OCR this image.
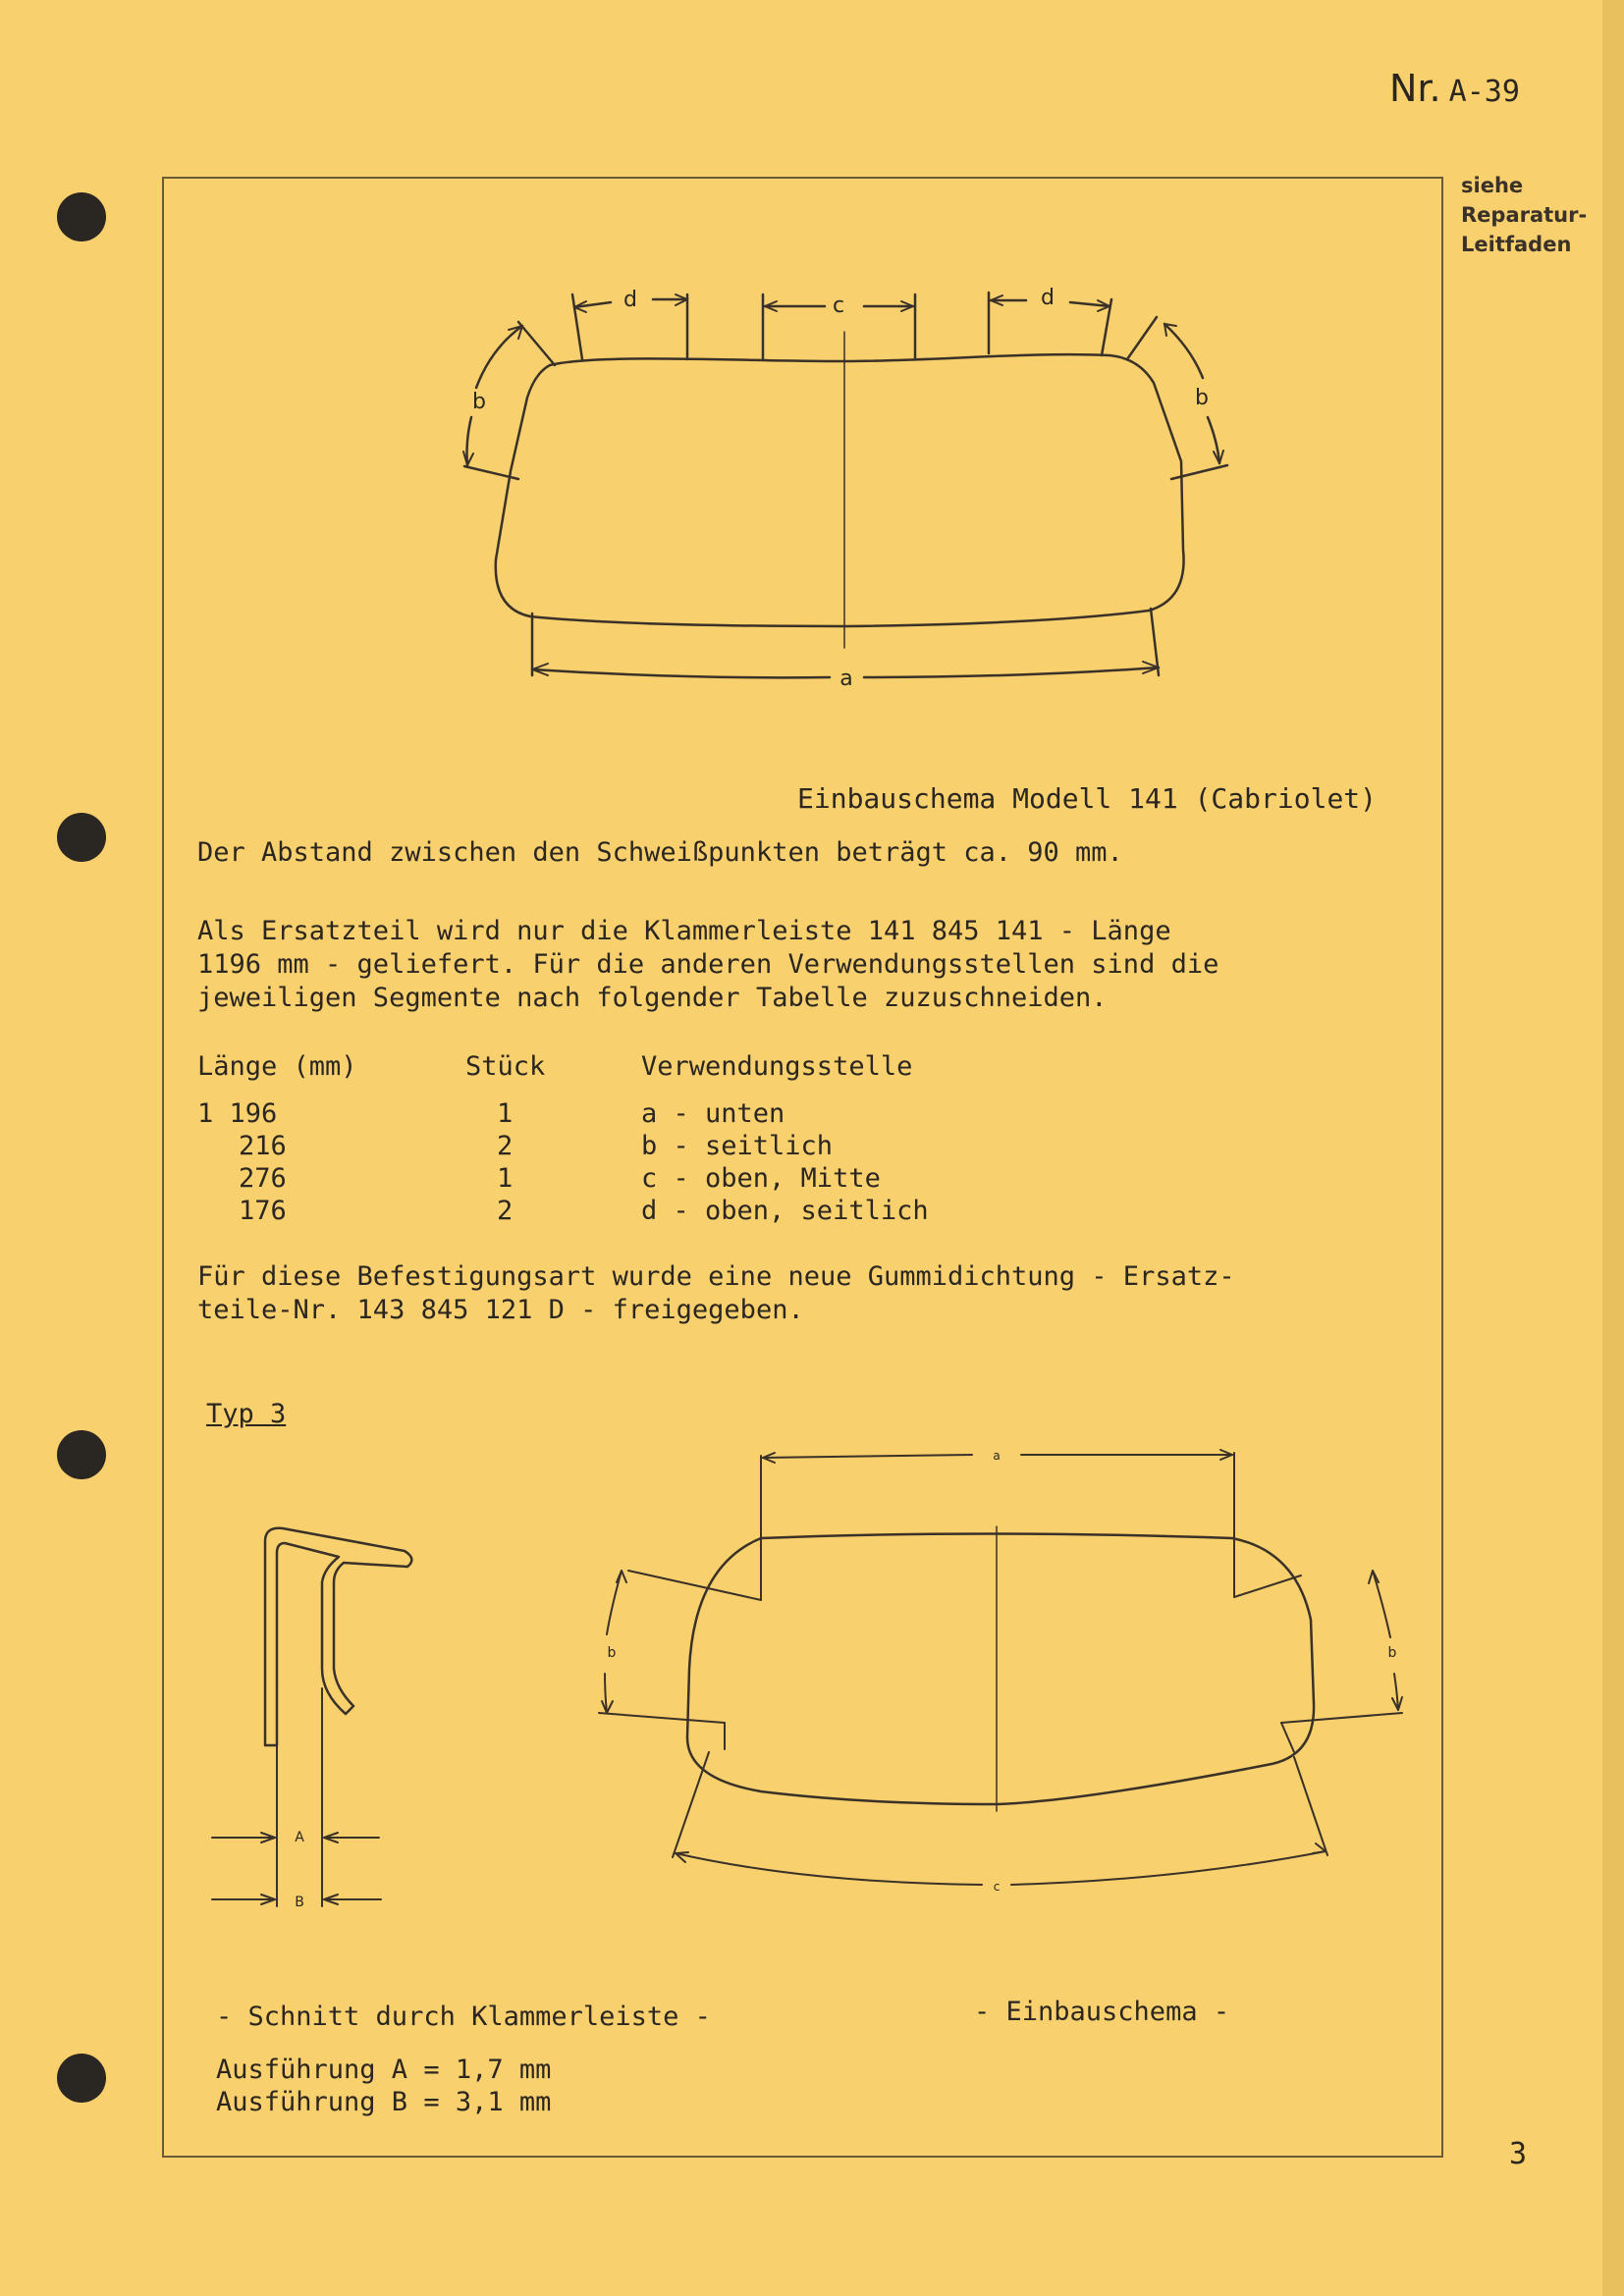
Nr. A-39
siehe
Reparatur-
Leitfaden
d	c	d
b	b
a
A
B
a
b	b
c
Einbauschema Modell 141 (Cabriolet)
Der Abstand zwischen den Schweißpunkten beträgt ca. 90 mm.
Als Ersatzteil wird nur die Klammerleiste 141 845 141 - Länge
1196 mm - geliefert. Für die anderen Verwendungsstellen sind die
jeweiligen Segmente nach folgender Tabelle zuzuschneiden.
Länge (mm)	Stück	Verwendungsstelle
1 196	1	a - unten
216	2	b - seitlich
276	1	c - oben, Mitte
176	2	d - oben, seitlich
Für diese Befestigungsart wurde eine neue Gummidichtung - Ersatz-
teile-Nr. 143 845 121 D - freigegeben.
Typ 3
- Schnitt durch Klammerleiste -	- Einbauschema -
Ausführung A = 1,7 mm
Ausführung B = 3,1 mm
3
